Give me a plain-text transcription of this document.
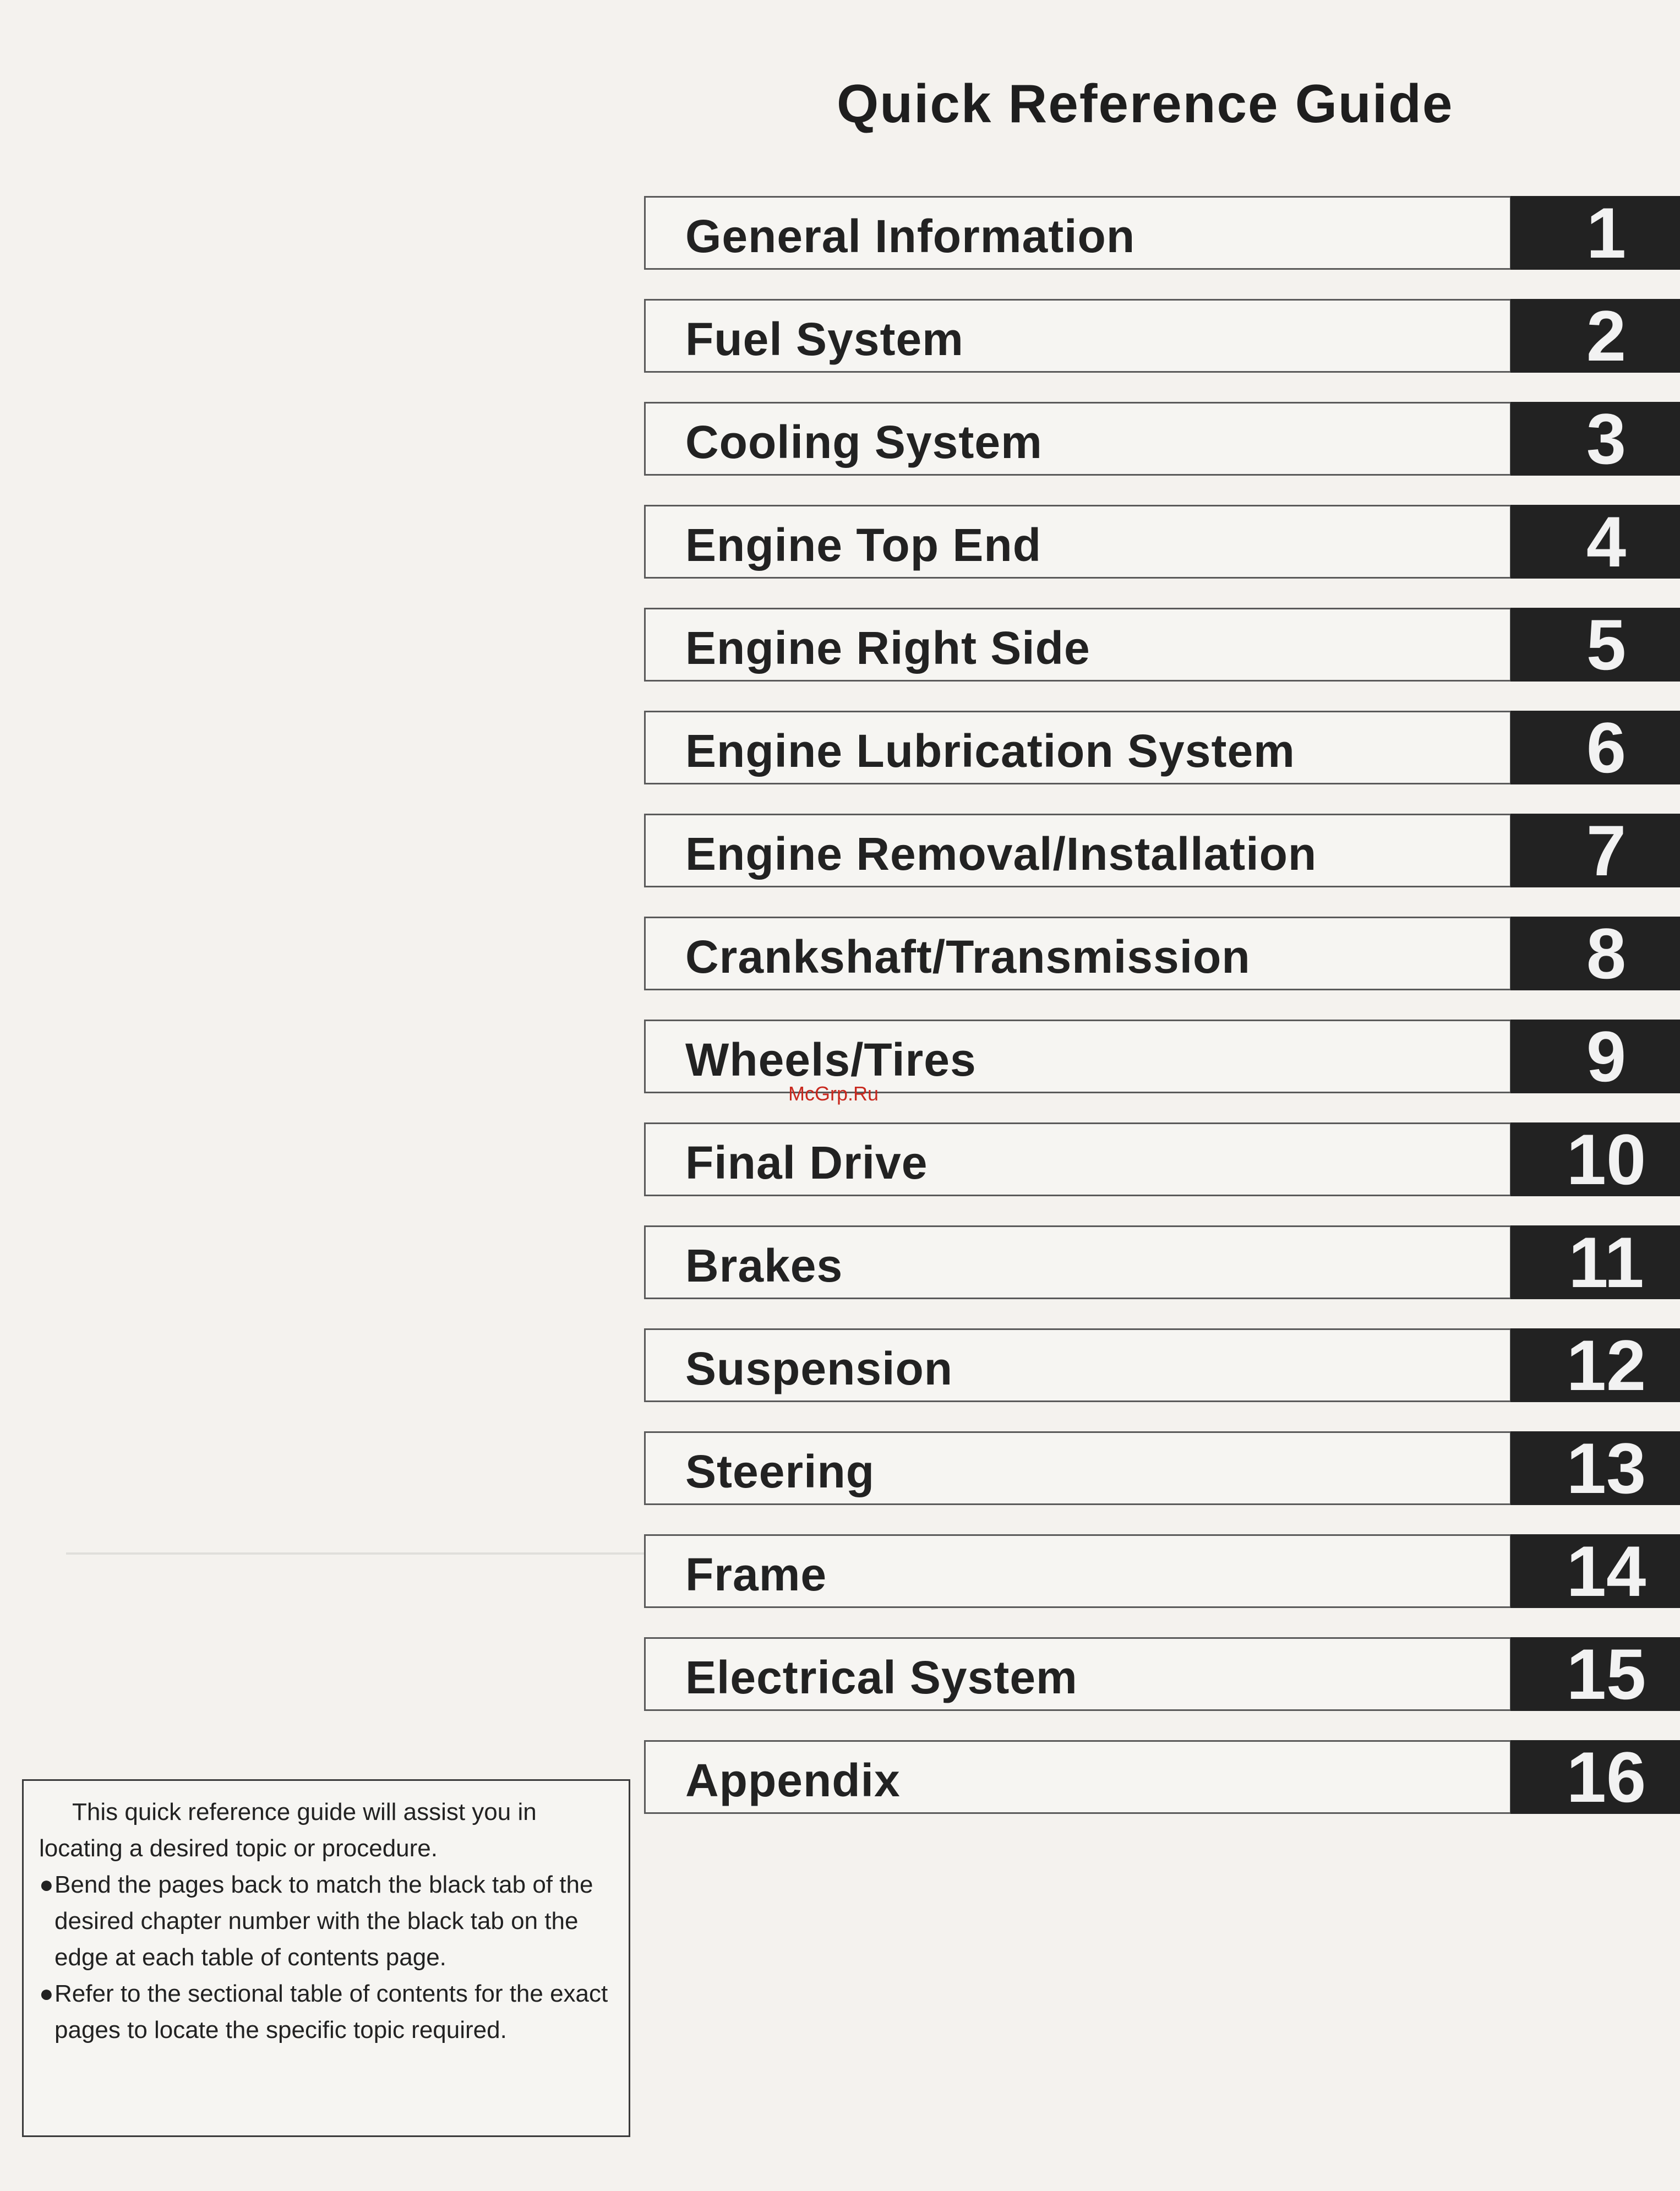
Quick Reference Guide
General Information	1
Fuel System	2
Cooling System	3
Engine Top End	4
Engine Right Side	5
Engine Lubrication System	6
Engine Removal/Installation	7
Crankshaft/Transmission	8
Wheels/Tires	9
Final Drive	10
Brakes	11
Suspension	12
Steering	13
Frame	14
Electrical System	15
Appendix	16
McGrp.Ru

This quick reference guide will assist you in locating a desired topic or procedure.

● Bend the pages back to match the black tab of the desired chapter number with the black tab on the edge at each table of contents page.

● Refer to the sectional table of contents for the exact pages to locate the specific topic required.
